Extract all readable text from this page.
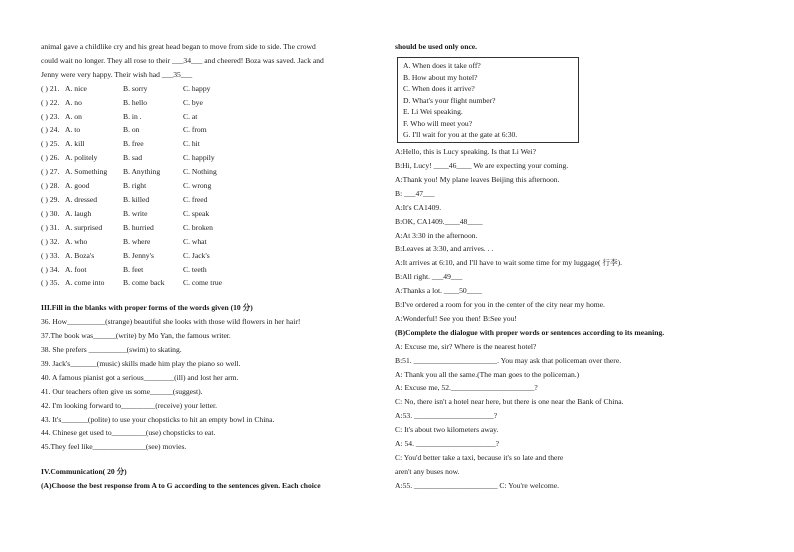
animal gave a childlike cry and his great head began to move from side to side. The crowd
could wait no longer. They all rose to their ___34___ and cheered! Boza was saved. Jack and
Jenny were very happy. Their wish had ___35___
( ) 21. A. nice	B. sorry	C. happy
( ) 22. A. no	B. hello	C. bye
( ) 23. A. on	B. in .	C. at
( ) 24. A. to	B. on	C. from
( ) 25. A. kill	B. free	C. hit
( ) 26. A. politely	B. sad	C. happily
( ) 27. A. Something	B. Anything	C. Nothing
( ) 28. A. good	B. right	C. wrong
( ) 29. A. dressed	B. killed	C. freed
( ) 30. A. laugh	B. write	C. speak
( ) 31. A. surprised	B. hurried	C. broken
( ) 32. A. who	B. where	C. what
( ) 33. A. Boza's	B. Jenny's	C. Jack's
( ) 34. A. foot	B. feet	C. teeth
( ) 35. A. come into	B. come back	C. come true
III.Fill in the blanks with proper forms of the words given (10 分)
36. How__________(strange) beautiful she looks with those wild flowers in her hair!
37.The book was______(write) by Mo Yan, the famous writer.
38. She prefers __________(swim) to skating.
39. Jack's_______(music) skills made him play the piano so well.
40. A famous pianist got a serious________(ill) and lost her arm.
41. Our teachers often give us some______(suggest).
42. I'm looking forward to_________(receive) your letter.
43. It's_______(polite) to use your chopsticks to hit an empty bowl in China.
44. Chinese get used to_________(use) chopsticks to eat.
45.They feel like______________(see) movies.
IV.Communication( 20 分)
(A)Choose the best response from A to G according to the sentences given. Each choice
should be used only once.
A. When does it take off?
B. How about my hotel?
C. When does it arrive?
D. What's your flight number?
E. Li Wei speaking.
F. Who will meet you?
G. I'll wait for you at the gate at 6:30.
A:Hello, this is Lucy speaking. Is that Li Wei?
B:Hi, Lucy! ____46____ We are expecting your coming.
A:Thank you! My plane leaves Beijing this afternoon.
B: ___47___
A:It's CA1409.
B:OK, CA1409.____48____
A:At 3:30 in the afternoon.
B:Leaves at 3:30, and arrives. . .
A:It arrives at 6:10, and I'll have to wait some time for my luggage( 行李).
B:All right. ___49___
A:Thanks a lot. ____50____
B:I've ordered a room for you in the center of the city near my home.
A:Wonderful! See you then! B:See you!
(B)Complete the dialogue with proper words or sentences according to its meaning.
A: Excuse me, sir? Where is the nearest hotel?
B:51. ______________________. You may ask that policeman over there.
A: Thank you all the same.(The man goes to the policeman.)
A: Excuse me, 52.______________________?
C: No, there isn't a hotel near here, but there is one near the Bank of China.
A:53. _____________________?
C: It's about two kilometers away.
A: 54. _____________________?
C: You'd better take a taxi, because it's so late and there
aren't any buses now.
A:55. ______________________ C: You're welcome.
